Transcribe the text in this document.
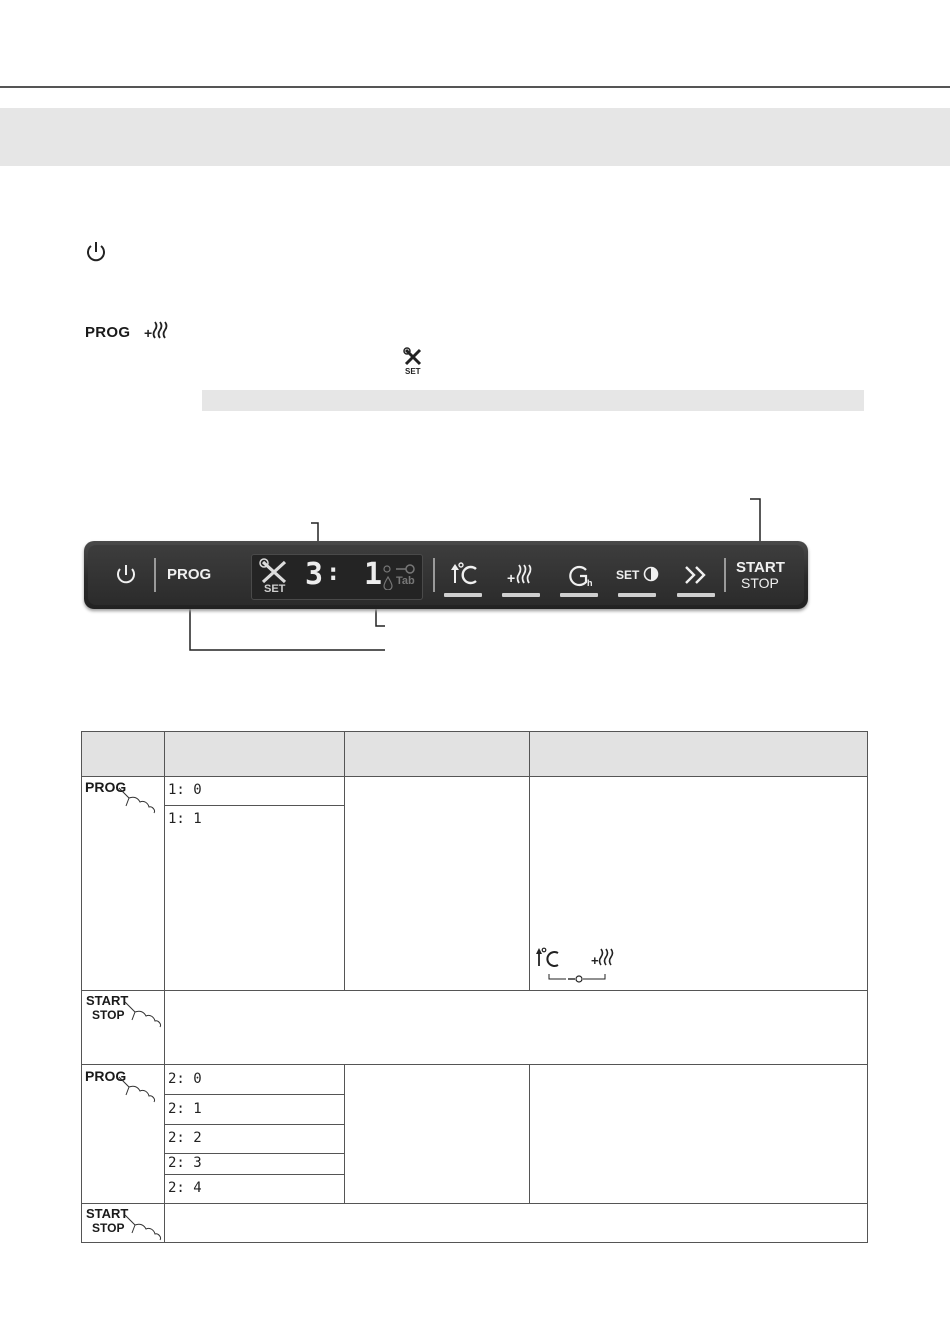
PROG +
SET
PROG
SET 3 : 1 Tab	+	h
SET	START
STOP
PROG	1: 0
1: 1
+
START
STOP
PROG	2: 0
2: 1
2: 2
2: 3
2: 4
START
STOP
